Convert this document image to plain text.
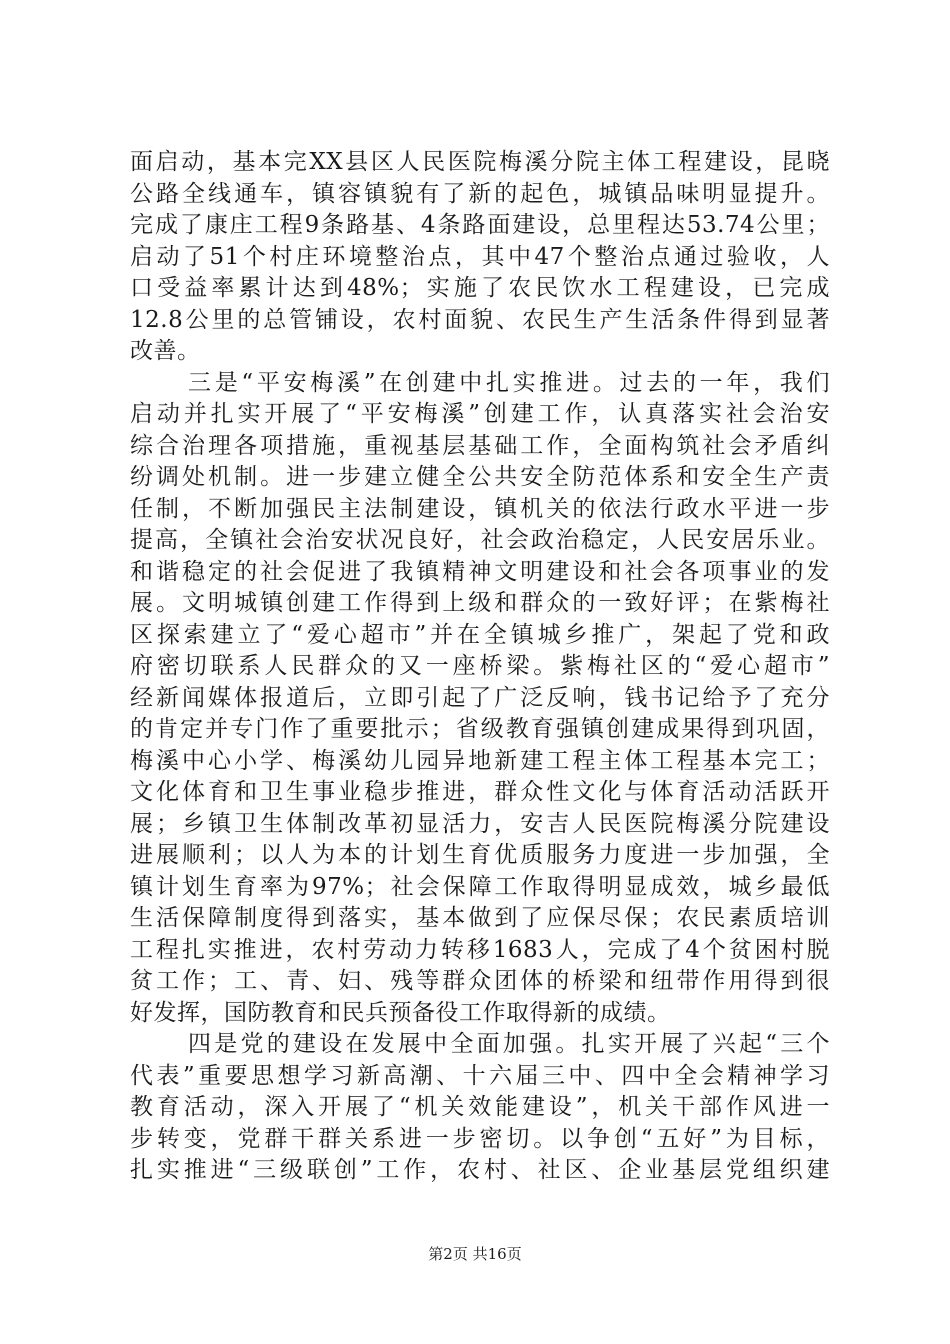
面启动，基本完XX县区人民医院梅溪分院主体工程建设，昆晓
公路全线通车，镇容镇貌有了新的起色，城镇品味明显提升。
完成了康庄工程9条路基、4条路面建设，总里程达53.74公里；
启动了51个村庄环境整治点，其中47个整治点通过验收，人
口受益率累计达到48%；实施了农民饮水工程建设，已完成
12.8公里的总管铺设，农村面貌、农民生产生活条件得到显著
改善。
三是“平安梅溪”在创建中扎实推进。过去的一年，我们
启动并扎实开展了“平安梅溪”创建工作，认真落实社会治安
综合治理各项措施，重视基层基础工作，全面构筑社会矛盾纠
纷调处机制。进一步建立健全公共安全防范体系和安全生产责
任制，不断加强民主法制建设，镇机关的依法行政水平进一步
提高，全镇社会治安状况良好，社会政治稳定，人民安居乐业。
和谐稳定的社会促进了我镇精神文明建设和社会各项事业的发
展。文明城镇创建工作得到上级和群众的一致好评；在紫梅社
区探索建立了“爱心超市”并在全镇城乡推广，架起了党和政
府密切联系人民群众的又一座桥梁。紫梅社区的“爱心超市”
经新闻媒体报道后，立即引起了广泛反响，钱书记给予了充分
的肯定并专门作了重要批示；省级教育强镇创建成果得到巩固，
梅溪中心小学、梅溪幼儿园异地新建工程主体工程基本完工；
文化体育和卫生事业稳步推进，群众性文化与体育活动活跃开
展；乡镇卫生体制改革初显活力，安吉人民医院梅溪分院建设
进展顺利；以人为本的计划生育优质服务力度进一步加强，全
镇计划生育率为97%；社会保障工作取得明显成效，城乡最低
生活保障制度得到落实，基本做到了应保尽保；农民素质培训
工程扎实推进，农村劳动力转移1683人，完成了4个贫困村脱
贫工作；工、青、妇、残等群众团体的桥梁和纽带作用得到很
好发挥，国防教育和民兵预备役工作取得新的成绩。
四是党的建设在发展中全面加强。扎实开展了兴起“三个
代表”重要思想学习新高潮、十六届三中、四中全会精神学习
教育活动，深入开展了“机关效能建设”，机关干部作风进一
步转变，党群干群关系进一步密切。以争创“五好”为目标，
扎实推进“三级联创”工作，农村、社区、企业基层党组织建
第2页 共16页
